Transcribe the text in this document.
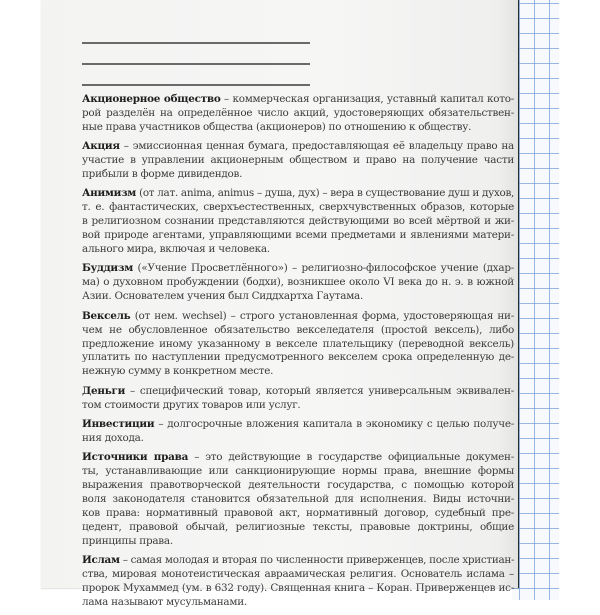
Акционерное общество – коммерческая организация, уставный капитал кото-
рой разделён на определённое число акций, удостоверяющих обязательствен-
ные права участников общества (акционеров) по отношению к обществу.
Акция – эмиссионная ценная бумага, предоставляющая её владельцу право на
участие в управлении акционерным обществом и право на получение части
прибыли в форме дивидендов.
Анимизм (от лат. anima, animus – душа, дух) – вера в существование душ и духов,
т. е. фантастических, сверхъестественных, сверхчувственных образов, которые
в религиозном сознании представляются действующими во всей мёртвой и жи-
вой природе агентами, управляющими всеми предметами и явлениями матери-
ального мира, включая и человека.
Буддизм («Учение Просветлённого») – религиозно-философское учение (дхар-
ма) о духовном пробуждении (бодхи), возникшее около VI века до н. э. в южной
Азии. Основателем учения был Сиддхартха Гаутама.
Вексель (от нем. wechsel) – строго установленная форма, удостоверяющая ни-
чем не обусловленное обязательство векселедателя (простой вексель), либо
предложение иному указанному в векселе плательщику (переводной вексель)
уплатить по наступлении предусмотренного векселем срока определенную де-
нежную сумму в конкретном месте.
Деньги – специфический товар, который является универсальным эквивален-
том стоимости других товаров или услуг.
Инвестиции – долгосрочные вложения капитала в экономику с целью получе-
ния дохода.
Источники права – это действующие в государстве официальные докумен-
ты, устанавливающие или санкционирующие нормы права, внешние формы
выражения правотворческой деятельности государства, с помощью которой
воля законодателя становится обязательной для исполнения. Виды источни-
ков права: нормативный правовой акт, нормативный договор, судебный пре-
цедент, правовой обычай, религиозные тексты, правовые доктрины, общие
принципы права.
Ислам – самая молодая и вторая по численности приверженцев, после христиан-
ства, мировая монотеистическая авраамическая религия. Основатель ислама –
пророк Мухаммед (ум. в 632 году). Священная книга – Коран. Приверженцев ис-
лама называют мусульманами.
